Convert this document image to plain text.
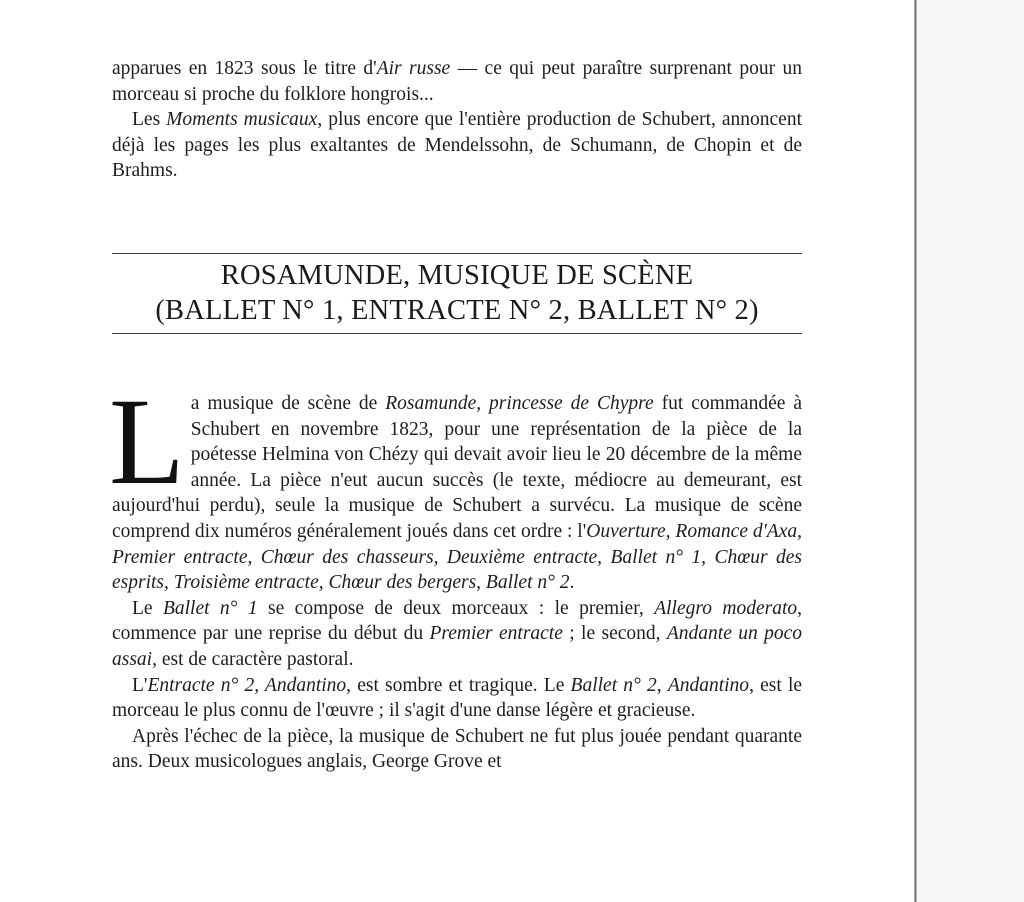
apparues en 1823 sous le titre d'Air russe — ce qui peut paraître surprenant pour un morceau si proche du folklore hongrois...

Les Moments musicaux, plus encore que l'entière production de Schubert, annoncent déjà les pages les plus exaltantes de Mendelssohn, de Schumann, de Chopin et de Brahms.

ROSAMUNDE, MUSIQUE DE SCÈNE
(BALLET N° 1, ENTRACTE N° 2, BALLET N° 2)

La musique de scène de Rosamunde, princesse de Chypre fut commandée à Schubert en novembre 1823, pour une représentation de la pièce de la poétesse Helmina von Chézy qui devait avoir lieu le 20 décembre de la même année. La pièce n'eut aucun succès (le texte, médiocre au demeurant, est aujourd'hui perdu), seule la musique de Schubert a survécu. La musique de scène comprend dix numéros généralement joués dans cet ordre : l'Ouverture, Romance d'Axa, Premier entracte, Chœur des chasseurs, Deuxième entracte, Ballet n° 1, Chœur des esprits, Troisième entracte, Chœur des bergers, Ballet n° 2.

Le Ballet n° 1 se compose de deux morceaux : le premier, Allegro moderato, commence par une reprise du début du Premier entracte ; le second, Andante un poco assai, est de caractère pastoral.

L'Entracte n° 2, Andantino, est sombre et tragique. Le Ballet n° 2, Andantino, est le morceau le plus connu de l'œuvre ; il s'agit d'une danse légère et gracieuse.

Après l'échec de la pièce, la musique de Schubert ne fut plus jouée pendant quarante ans. Deux musicologues anglais, George Grove et
